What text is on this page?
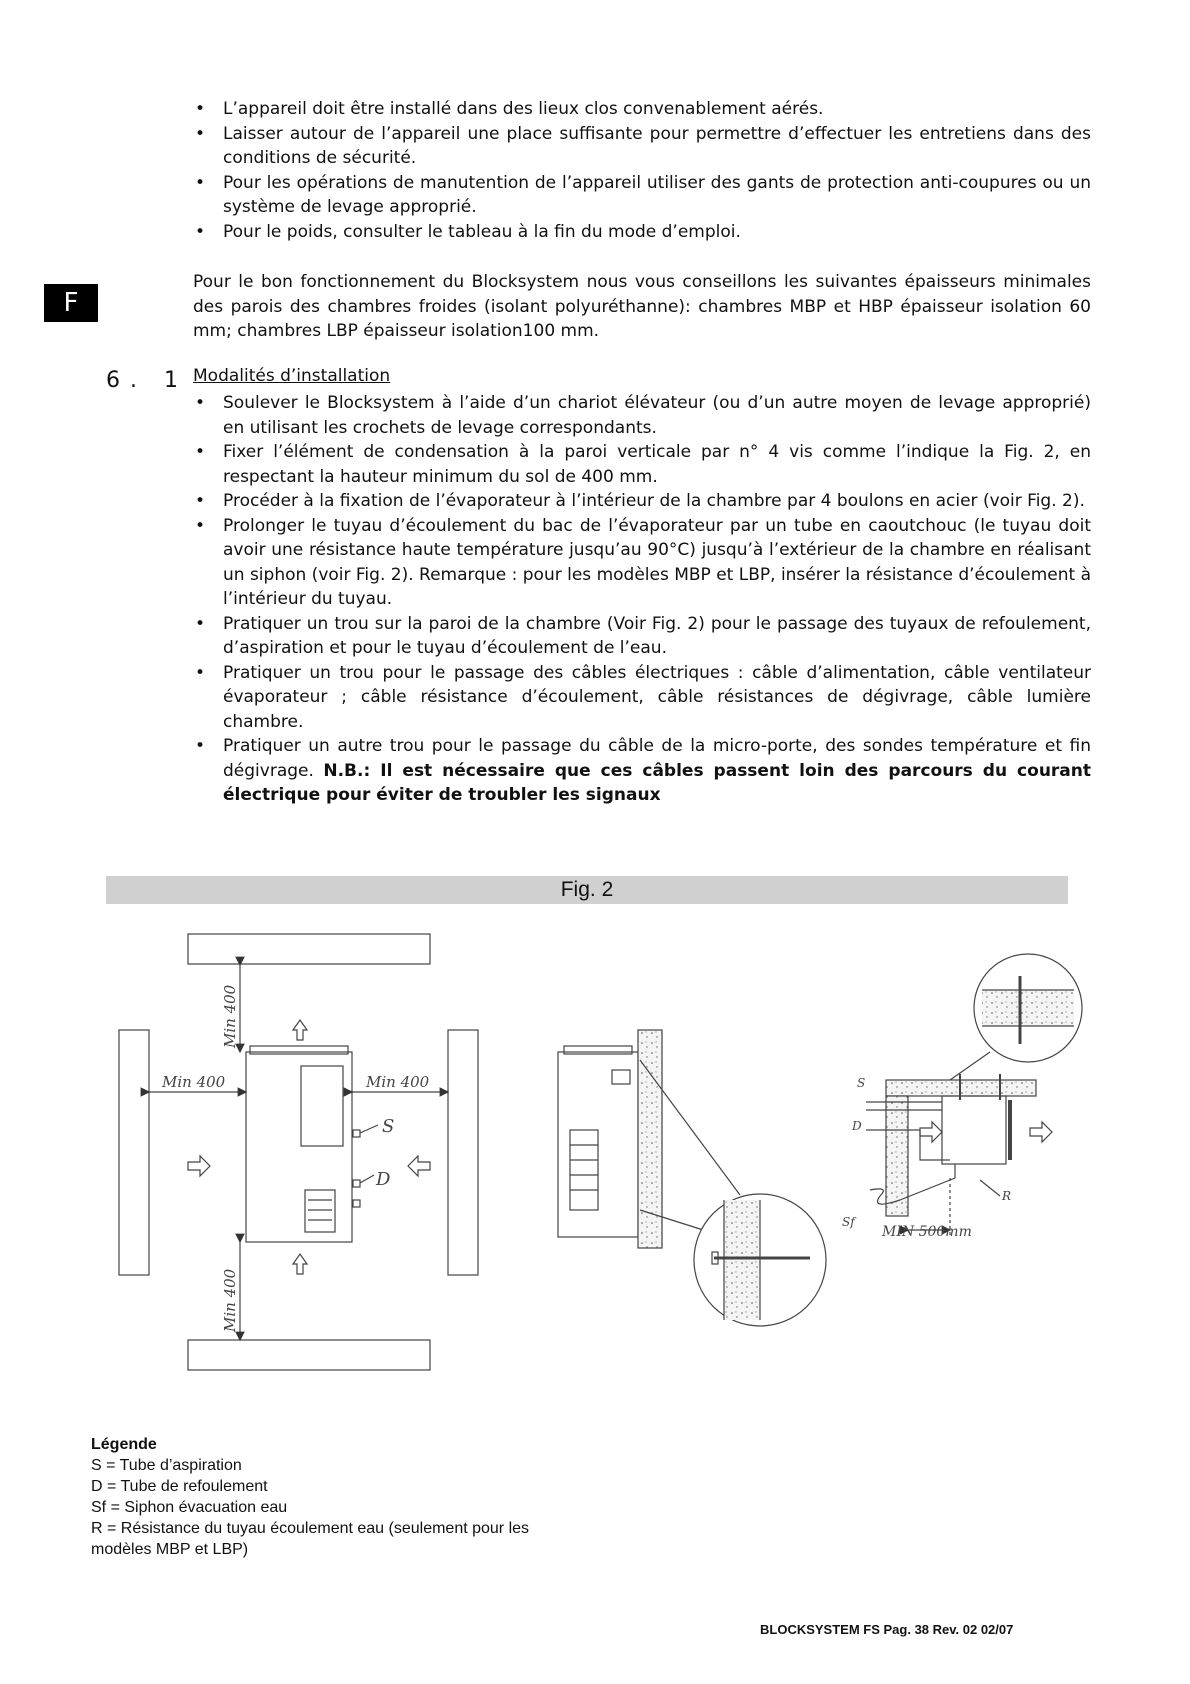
• L’appareil doit être installé dans des lieux clos convenablement aérés.
• Laisser autour de l’appareil une place suffisante pour permettre d’effectuer les entretiens dans des conditions de sécurité.
• Pour les opérations de manutention de l’appareil utiliser des gants de protection anti-coupures ou un système de levage approprié.
• Pour le poids, consulter le tableau à la fin du mode d’emploi.
F

Pour le bon fonctionnement du Blocksystem nous vous conseillons les suivantes épaisseurs minimales des parois des chambres froides (isolant polyuréthanne): chambres MBP et HBP épaisseur isolation 60 mm; chambres LBP épaisseur isolation100 mm.

6. 1 Modalités d’installation
• Soulever le Blocksystem à l’aide d’un chariot élévateur (ou d’un autre moyen de levage approprié) en utilisant les crochets de levage correspondants.
• Fixer l’élément de condensation à la paroi verticale par n° 4 vis comme l’indique la Fig. 2, en respectant la hauteur minimum du sol de 400 mm.
• Procéder à la fixation de l’évaporateur à l’intérieur de la chambre par 4 boulons en acier (voir Fig. 2).
• Prolonger le tuyau d’écoulement du bac de l’évaporateur par un tube en caoutchouc (le tuyau doit avoir une résistance haute température jusqu’au 90°C) jusqu’à l’extérieur de la chambre en réalisant un siphon (voir Fig. 2). Remarque : pour les modèles MBP et LBP, insérer la résistance d’écoulement à l’intérieur du tuyau.
• Pratiquer un trou sur la paroi de la chambre (Voir Fig. 2) pour le passage des tuyaux de refoulement, d’aspiration et pour le tuyau d’écoulement de l’eau.
• Pratiquer un trou pour le passage des câbles électriques : câble d’alimentation, câble ventilateur évaporateur ; câble résistance d’écoulement, câble résistances de dégivrage, câble lumière chambre.
• Pratiquer un autre trou pour le passage du câble de la micro-porte, des sondes température et fin dégivrage. N.B.: Il est nécessaire que ces câbles passent loin des parcours du courant électrique pour éviter de troubler les signaux
Fig. 2
Min 400
Min 400
Min 400	Min 400
S
D
S
D
R
Sf
MIN 500mm
Légende
S = Tube d’aspiration
D = Tube de refoulement
Sf = Siphon évacuation eau
R = Résistance du tuyau écoulement eau (seulement pour les modèles MBP et LBP)
BLOCKSYSTEM FS Pag. 38 Rev. 02 02/07
